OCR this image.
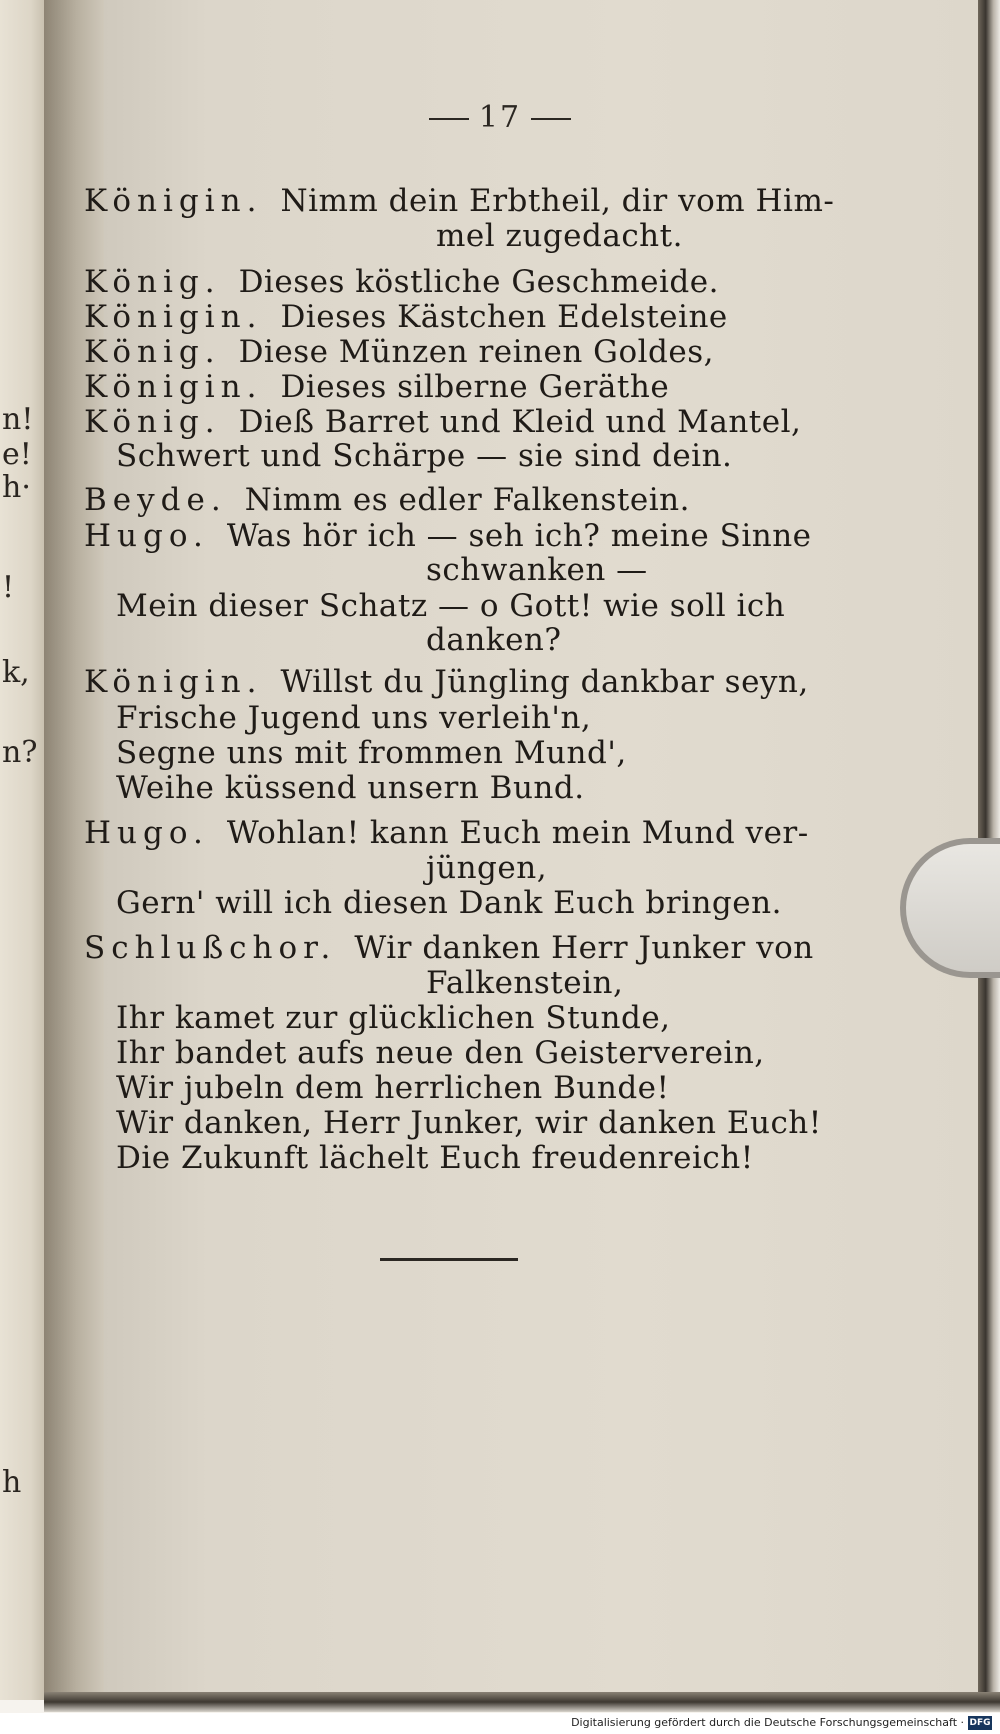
n!
e!
h·
!
k,
n?
h
17
Königin. Nimm dein Erbtheil, dir vom Him-
mel zugedacht.
König. Dieses köstliche Geschmeide.
Königin. Dieses Kästchen Edelsteine
König. Diese Münzen reinen Goldes,
Königin. Dieses silberne Geräthe
König. Dieß Barret und Kleid und Mantel,
Schwert und Schärpe — sie sind dein.
Beyde. Nimm es edler Falkenstein.
Hugo. Was hör ich — seh ich? meine Sinne
schwanken —
Mein dieser Schatz — o Gott! wie soll ich
danken?
Königin. Willst du Jüngling dankbar seyn,
Frische Jugend uns verleih'n,
Segne uns mit frommen Mund',
Weihe küssend unsern Bund.
Hugo. Wohlan! kann Euch mein Mund ver-
jüngen,
Gern' will ich diesen Dank Euch bringen.
Schlußchor. Wir danken Herr Junker von
Falkenstein,
Ihr kamet zur glücklichen Stunde,
Ihr bandet aufs neue den Geisterverein,
Wir jubeln dem herrlichen Bunde!
Wir danken, Herr Junker, wir danken Euch!
Die Zukunft lächelt Euch freudenreich!
Digitalisierung gefördert durch die Deutsche Forschungsgemeinschaft · DFG
